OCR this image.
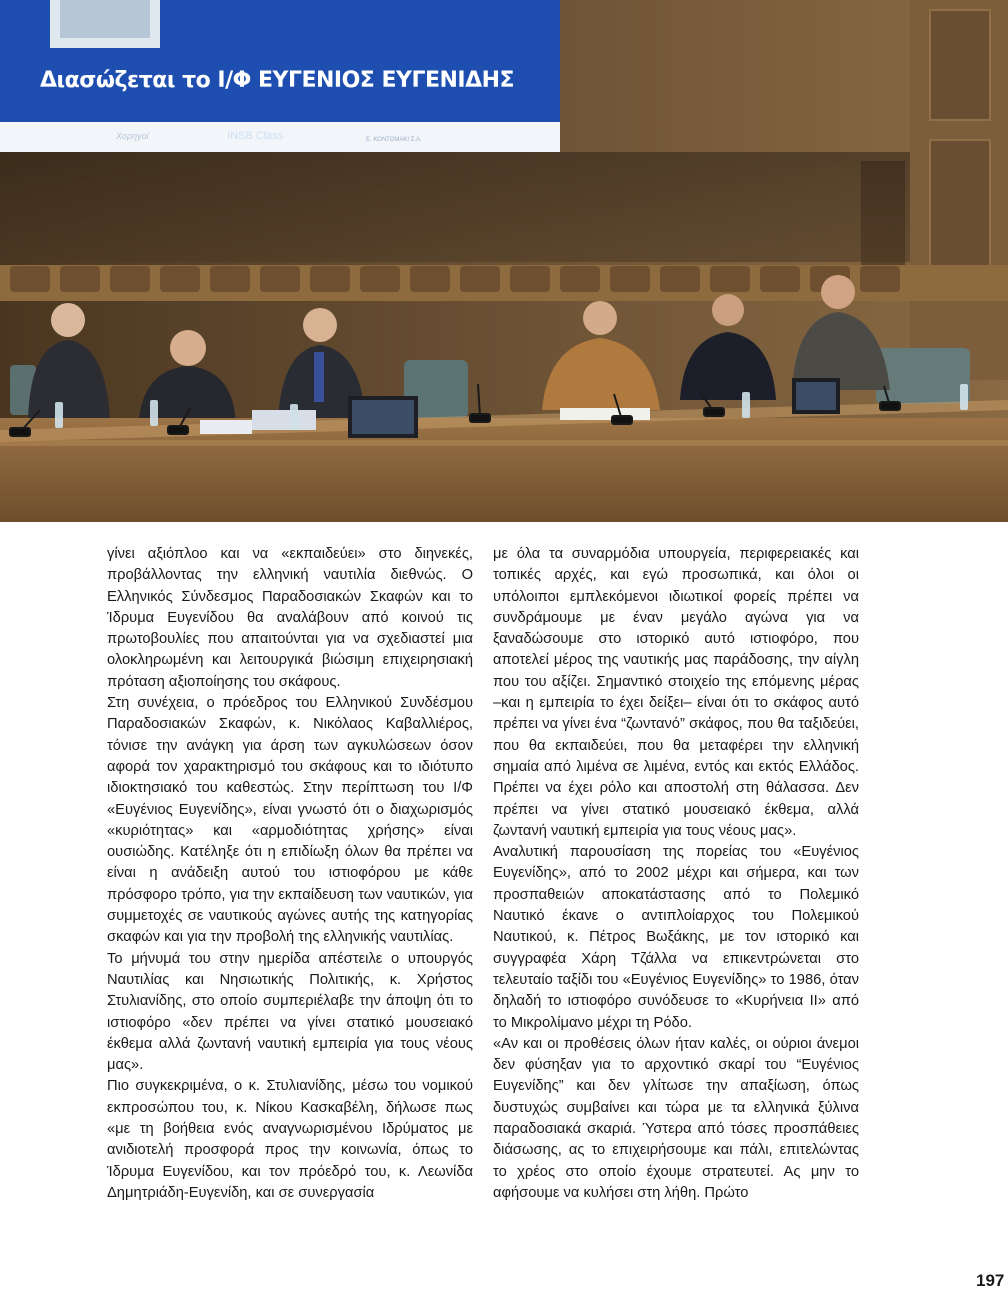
Διασώζεται το Ι/Φ ΕΥΓΕΝΙΟΣ ΕΥΓΕΝΙΔΗΣ
Χορηγοί	INSB Class	Ε. ΚΟΝΤΟΜΑΚΙ Σ.Α.

γίνει αξιόπλοο και να «εκπαιδεύει» στο διηνεκές, προβάλλοντας την ελληνική ναυτιλία διεθνώς. Ο Ελληνικός Σύνδεσμος Παραδοσιακών Σκαφών και το Ίδρυμα Ευγενίδου θα αναλάβουν από κοινού τις πρωτοβουλίες που απαιτούνται για να σχεδιαστεί μια ολοκληρωμένη και λειτουργικά βιώσιμη επιχειρησιακή πρόταση αξιοποίησης του σκάφους.

Στη συνέχεια, ο πρόεδρος του Ελληνικού Συνδέσμου Παραδοσιακών Σκαφών, κ. Νικόλαος Καβαλλιέρος, τόνισε την ανάγκη για άρση των αγκυλώσεων όσον αφορά τον χαρακτηρισμό του σκάφους και το ιδιότυπο ιδιοκτησιακό του καθεστώς. Στην περίπτωση του Ι/Φ «Ευγένιος Ευγενίδης», είναι γνωστό ότι ο διαχωρισμός «κυριότητας» και «αρμοδιότητας χρήσης» είναι ουσιώδης. Κατέληξε ότι η επιδίωξη όλων θα πρέπει να είναι η ανάδειξη αυτού του ιστιοφόρου με κάθε πρόσφορο τρόπο, για την εκπαίδευση των ναυτικών, για συμμετοχές σε ναυτικούς αγώνες αυτής της κατηγορίας σκαφών και για την προβολή της ελληνικής ναυτιλίας.

Το μήνυμά του στην ημερίδα απέστειλε ο υπουργός Ναυτιλίας και Νησιωτικής Πολιτικής, κ. Χρήστος Στυλιανίδης, στο οποίο συμπεριέλαβε την άποψη ότι το ιστιοφόρο «δεν πρέπει να γίνει στατικό μουσειακό έκθεμα αλλά ζωντανή ναυτική εμπειρία για τους νέους μας».

Πιο συγκεκριμένα, ο κ. Στυλιανίδης, μέσω του νομικού εκπροσώπου του, κ. Νίκου Κασκαβέλη, δήλωσε πως «με τη βοήθεια ενός αναγνωρισμένου Ιδρύματος με ανιδιοτελή προσφορά προς την κοινωνία, όπως το Ίδρυμα Ευγενίδου, και τον πρόεδρό του, κ. Λεωνίδα Δημητριάδη-Ευγενίδη, και σε συνεργασία

με όλα τα συναρμόδια υπουργεία, περιφερειακές και τοπικές αρχές, και εγώ προσωπικά, και όλοι οι υπόλοιποι εμπλεκόμενοι ιδιωτικοί φορείς πρέπει να συνδράμουμε με έναν μεγάλο αγώνα για να ξαναδώσουμε στο ιστορικό αυτό ιστιοφόρο, που αποτελεί μέρος της ναυτικής μας παράδοσης, την αίγλη που του αξίζει. Σημαντικό στοιχείο της επόμενης μέρας –και η εμπειρία το έχει δείξει– είναι ότι το σκάφος αυτό πρέπει να γίνει ένα “ζωντανό” σκάφος, που θα ταξιδεύει, που θα εκπαιδεύει, που θα μεταφέρει την ελληνική σημαία από λιμένα σε λιμένα, εντός και εκτός Ελλάδος. Πρέπει να έχει ρόλο και αποστολή στη θάλασσα. Δεν πρέπει να γίνει στατικό μουσειακό έκθεμα, αλλά ζωντανή ναυτική εμπειρία για τους νέους μας».

Αναλυτική παρουσίαση της πορείας του «Ευγένιος Ευγενίδης», από το 2002 μέχρι και σήμερα, και των προσπαθειών αποκατάστασης από το Πολεμικό Ναυτικό έκανε ο αντιπλοίαρχος του Πολεμικού Ναυτικού, κ. Πέτρος Βωξάκης, με τον ιστορικό και συγγραφέα Χάρη Τζάλλα να επικεντρώνεται στο τελευταίο ταξίδι του «Ευγένιος Ευγενίδης» το 1986, όταν δηλαδή το ιστιοφόρο συνόδευσε το «Κυρήνεια ΙΙ» από το Μικρολίμανο μέχρι τη Ρόδο.

«Αν και οι προθέσεις όλων ήταν καλές, οι ούριοι άνεμοι δεν φύσηξαν για το αρχοντικό σκαρί του “Ευγένιος Ευγενίδης” και δεν γλίτωσε την απαξίωση, όπως δυστυχώς συμβαίνει και τώρα με τα ελληνικά ξύλινα παραδοσιακά σκαριά. Ύστερα από τόσες προσπάθειες διάσωσης, ας το επιχειρήσουμε και πάλι, επιτελώντας το χρέος στο οποίο έχουμε στρατευτεί. Ας μην το αφήσουμε να κυλήσει στη λήθη. Πρώτο

197
